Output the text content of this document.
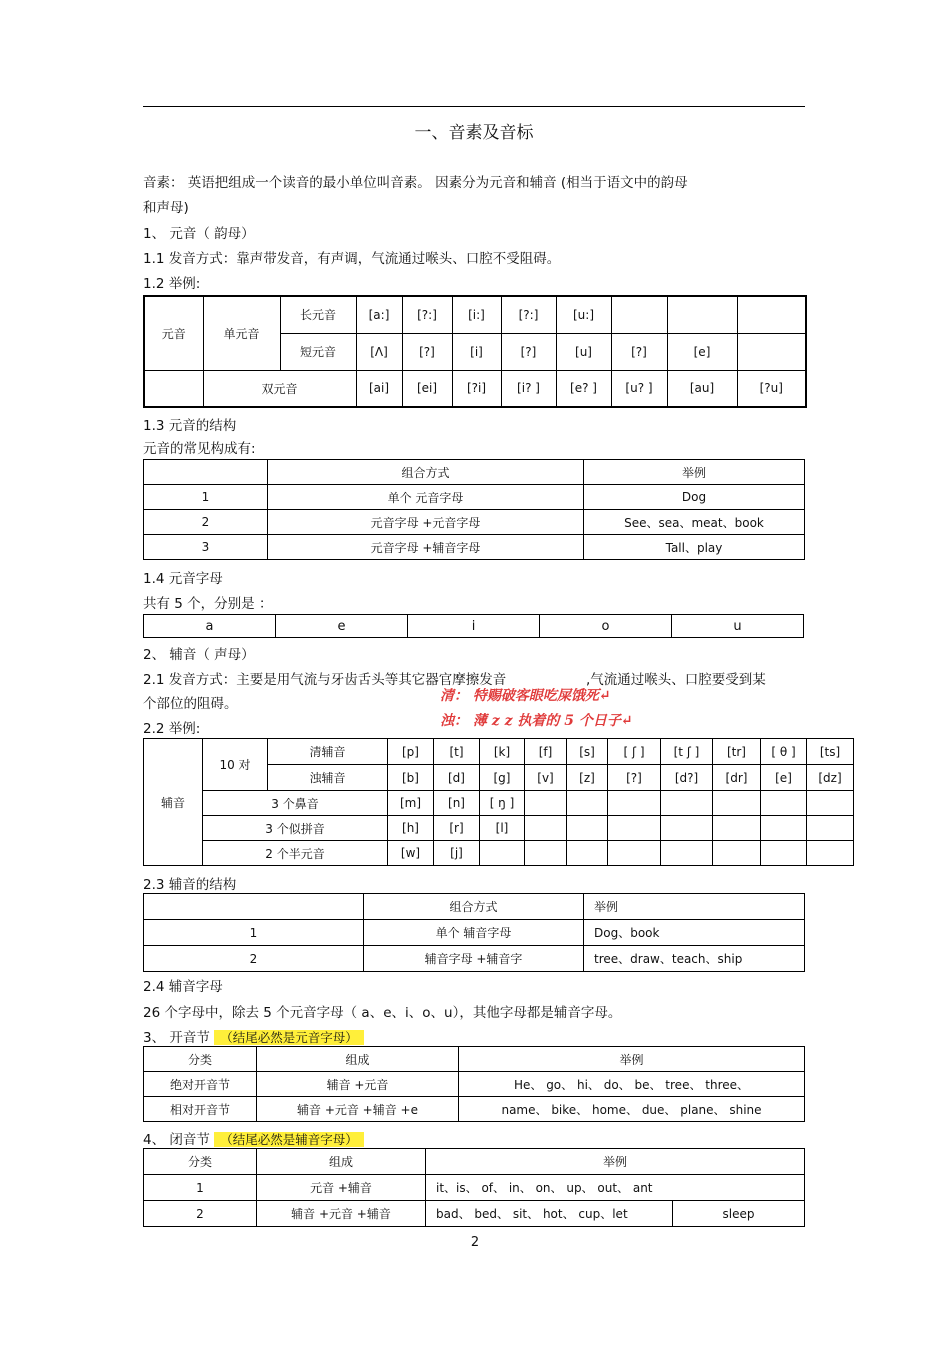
一、音素及音标
音素： 英语把组成一个读音的最小单位叫音素。 因素分为元音和辅音 (相当于语文中的韵母
和声母)
1、 元音（ 韵母）
1.1 发音方式：靠声带发音，有声调，气流通过喉头、口腔不受阻碍。
1.2 举例:
元音	单元音	长元音	[a:]	[?:]	[i:]	[?:]	[u:]			
		短元音	[Λ]	[?]	[i]	[?]	[u]	[?]	[e]	
	双元音		[ai]	[ei]	[?i]	[i? ]	[e? ]	[u? ]	[au]	[?u]
1.3 元音的结构
元音的常见构成有:
	组合方式	举例
1	单个 元音字母	Dog
2	元音字母 +元音字母	See、sea、meat、book
3	元音字母 +辅音字母	Tall、play
1.4 元音字母
共有 5 个，分别是 ：
a	e	i	o	u
2、 辅音（ 声母）
2.1 发音方式：主要是用气流与牙齿舌头等其它器官摩擦发音	,气流通过喉头、口腔要受到某
个部位的阻碍。	清： 特赐破客眼吃屎饿死↵
浊： 薄 z z 执着的 5 个日子↵
2.2 举例:
辅音	10 对	清辅音	[p]	[t]	[k]	[f]	[s]	[ ʃ ]	[t ʃ ]	[tr]	[ θ ]	[ts]
		浊辅音	[b]	[d]	[g]	[v]	[z]	[?]	[d?]	[dr]	[e]	[dz]
	3 个鼻音		[m]	[n]	[ ŋ ]							
	3 个似拼音		[h]	[r]	[l]							
	2 个半元音		[w]	[j]								
2.3 辅音的结构
	组合方式	举例
1	单个 辅音字母	Dog、book
2	辅音字母 +辅音字	tree、draw、teach、ship
2.4 辅音字母
26 个字母中，除去 5 个元音字母（ a、e、i、o、u），其他字母都是辅音字母。
3、 开音节 （结尾必然是元音字母）
分类	组成	举例
绝对开音节	辅音 +元音	He、 go、 hi、 do、 be、 tree、 three、
相对开音节	辅音 +元音 +辅音 +e	name、 bike、 home、 due、 plane、 shine
4、 闭音节 （结尾必然是辅音字母）
分类	组成	举例	
1	元音 +辅音	it、is、 of、 in、 on、 up、 out、 ant	
2	辅音 +元音 +辅音	bad、 bed、 sit、 hot、 cup、let	sleep
2
